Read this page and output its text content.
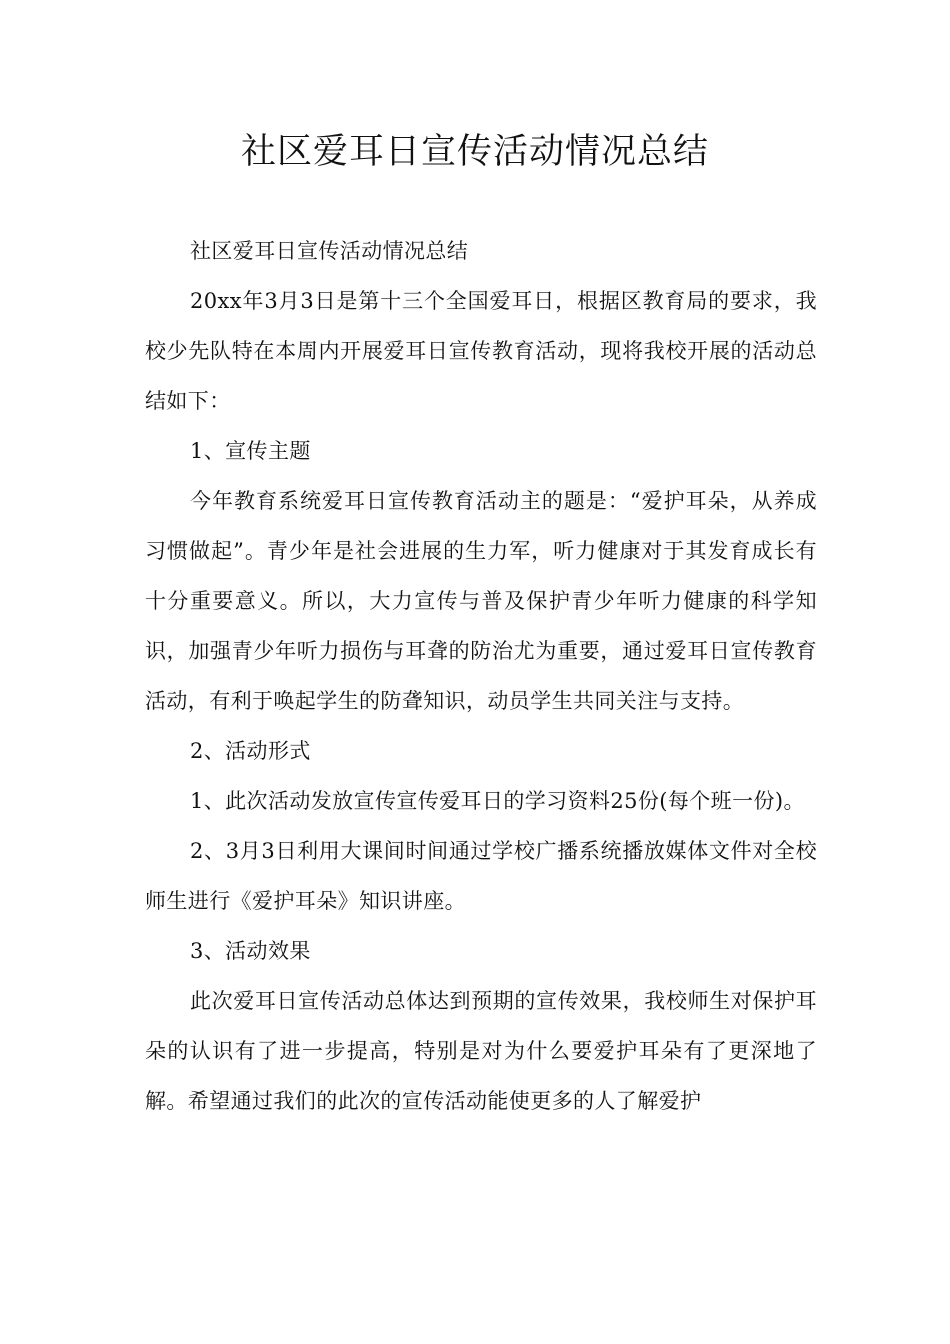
社区爱耳日宣传活动情况总结

社区爱耳日宣传活动情况总结

20xx年3月3日是第十三个全国爱耳日，根据区教育局的要求，我校少先队特在本周内开展爱耳日宣传教育活动，现将我校开展的活动总结如下：

1、宣传主题

今年教育系统爱耳日宣传教育活动主的题是：“爱护耳朵，从养成习惯做起”。青少年是社会进展的生力军，听力健康对于其发育成长有十分重要意义。所以，大力宣传与普及保护青少年听力健康的科学知识，加强青少年听力损伤与耳聋的防治尤为重要，通过爱耳日宣传教育活动，有利于唤起学生的防聋知识，动员学生共同关注与支持。

2、活动形式

1、此次活动发放宣传宣传爱耳日的学习资料25份(每个班一份)。

2、3月3日利用大课间时间通过学校广播系统播放媒体文件对全校师生进行《爱护耳朵》知识讲座。

3、活动效果

此次爱耳日宣传活动总体达到预期的宣传效果，我校师生对保护耳朵的认识有了进一步提高，特别是对为什么要爱护耳朵有了更深地了解。希望通过我们的此次的宣传活动能使更多的人了解爱护
